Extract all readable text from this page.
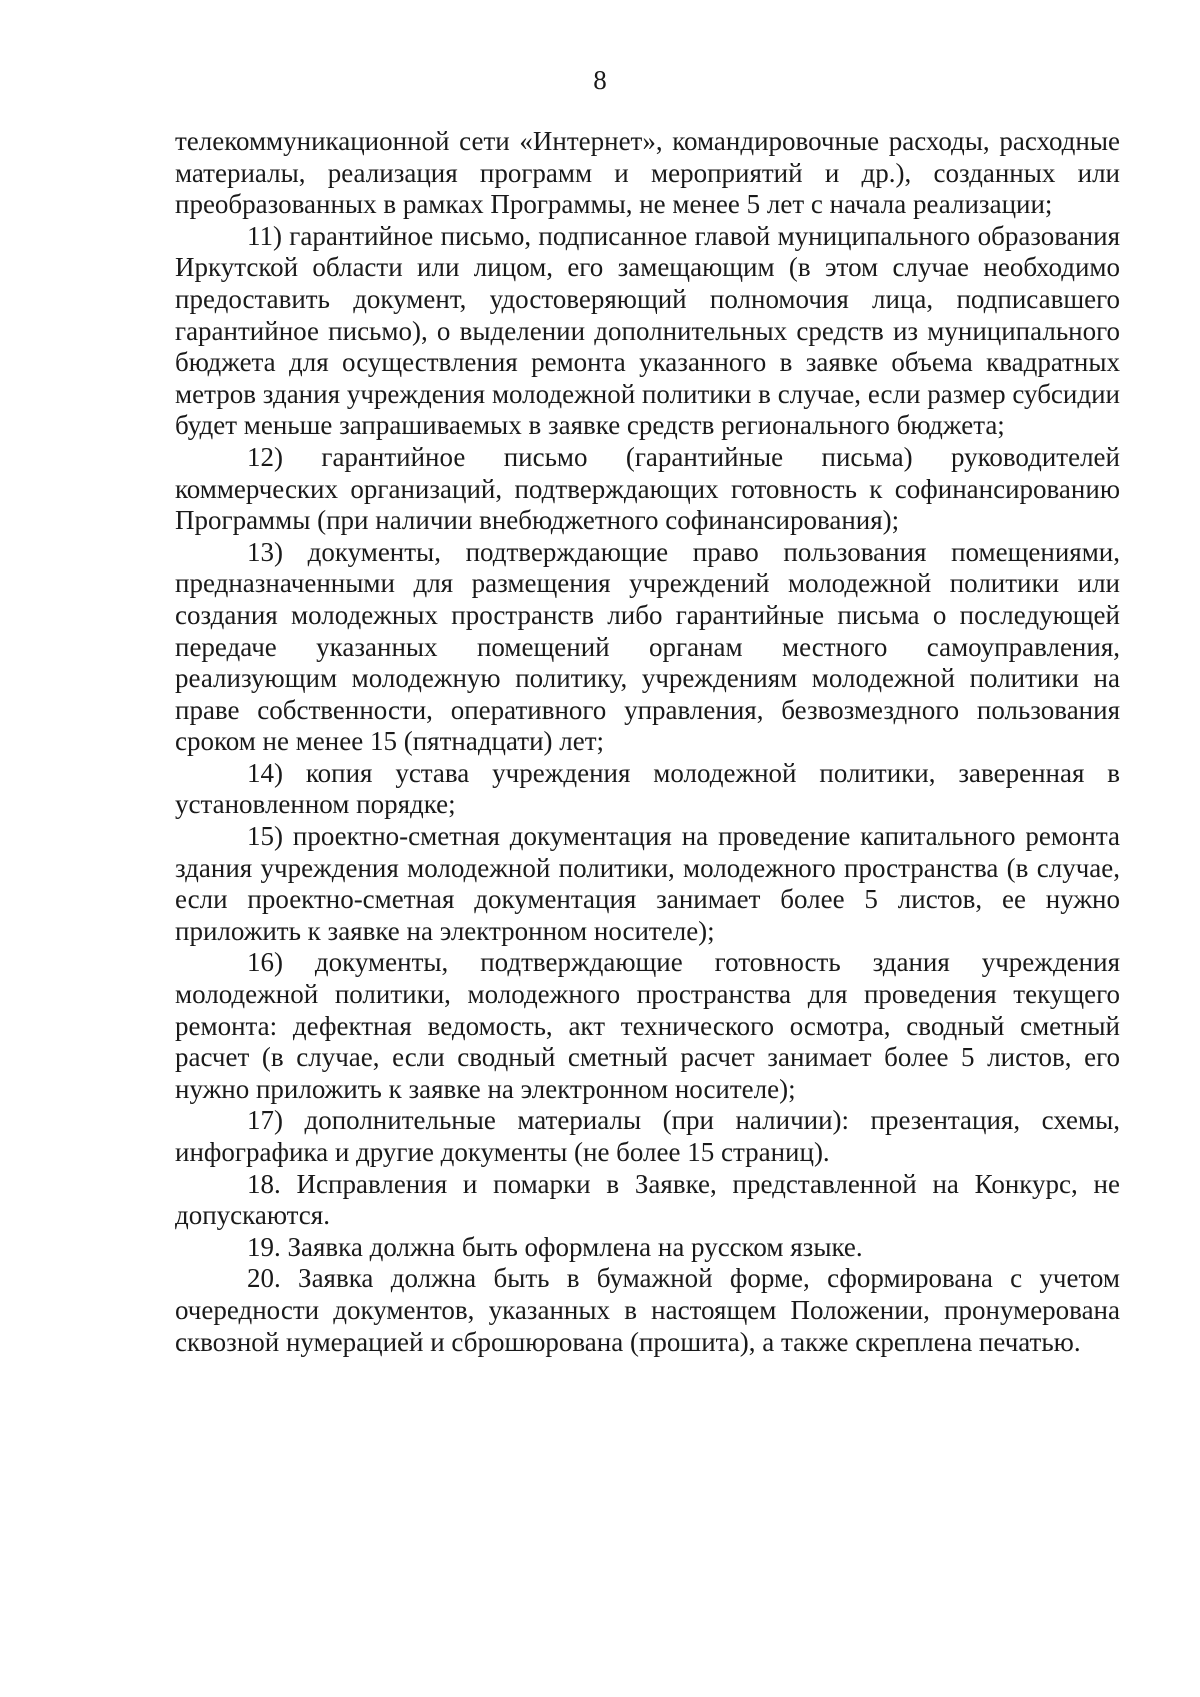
8

телекоммуникационной сети «Интернет», командировочные расходы, расходные материалы, реализация программ и мероприятий и др.), созданных или преобразованных в рамках Программы, не менее 5 лет с начала реализации;

11) гарантийное письмо, подписанное главой муниципального образования Иркутской области или лицом, его замещающим (в этом случае необходимо предоставить документ, удостоверяющий полномочия лица, подписавшего гарантийное письмо), о выделении дополнительных средств из муниципального бюджета для осуществления ремонта указанного в заявке объема квадратных метров здания учреждения молодежной политики в случае, если размер субсидии будет меньше запрашиваемых в заявке средств регионального бюджета;

12) гарантийное письмо (гарантийные письма) руководителей коммерческих организаций, подтверждающих готовность к софинансированию Программы (при наличии внебюджетного софинансирования);

13) документы, подтверждающие право пользования помещениями, предназначенными для размещения учреждений молодежной политики или создания молодежных пространств либо гарантийные письма о последующей передаче указанных помещений органам местного самоуправления, реализующим молодежную политику, учреждениям молодежной политики на праве собственности, оперативного управления, безвозмездного пользования сроком не менее 15 (пятнадцати) лет;

14) копия устава учреждения молодежной политики, заверенная в установленном порядке;

15) проектно-сметная документация на проведение капитального ремонта здания учреждения молодежной политики, молодежного пространства (в случае, если проектно-сметная документация занимает более 5 листов, ее нужно приложить к заявке на электронном носителе);

16) документы, подтверждающие готовность здания учреждения молодежной политики, молодежного пространства для проведения текущего ремонта: дефектная ведомость, акт технического осмотра, сводный сметный расчет (в случае, если сводный сметный расчет занимает более 5 листов, его нужно приложить к заявке на электронном носителе);

17) дополнительные материалы (при наличии): презентация, схемы, инфографика и другие документы (не более 15 страниц).

18. Исправления и помарки в Заявке, представленной на Конкурс, не допускаются.

19. Заявка должна быть оформлена на русском языке.

20. Заявка должна быть в бумажной форме, сформирована с учетом очередности документов, указанных в настоящем Положении, пронумерована сквозной нумерацией и сброшюрована (прошита), а также скреплена печатью.
